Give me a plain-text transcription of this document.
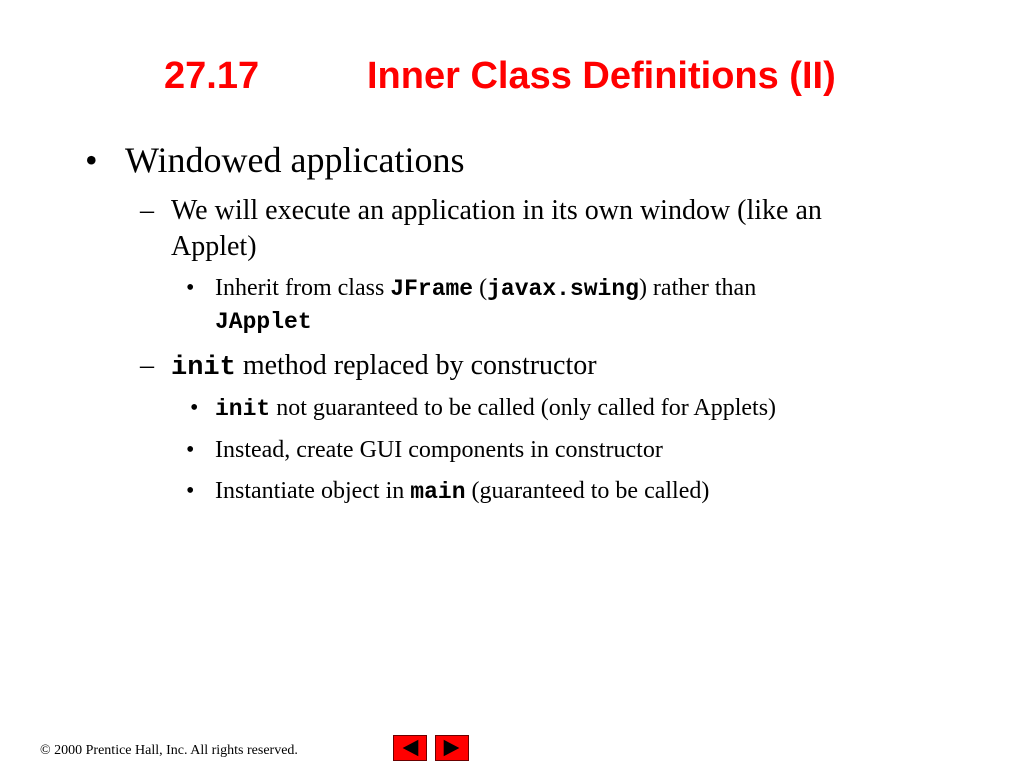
27.17	Inner Class Definitions (II)
• Windowed applications
– We will execute an application in its own window (like an
Applet)
• Inherit from class JFrame (javax.swing) rather than
JApplet
– init method replaced by constructor
• init not guaranteed to be called (only called for Applets)
• Instead, create GUI components in constructor
• Instantiate object in main (guaranteed to be called)
© 2000 Prentice Hall, Inc. All rights reserved.
